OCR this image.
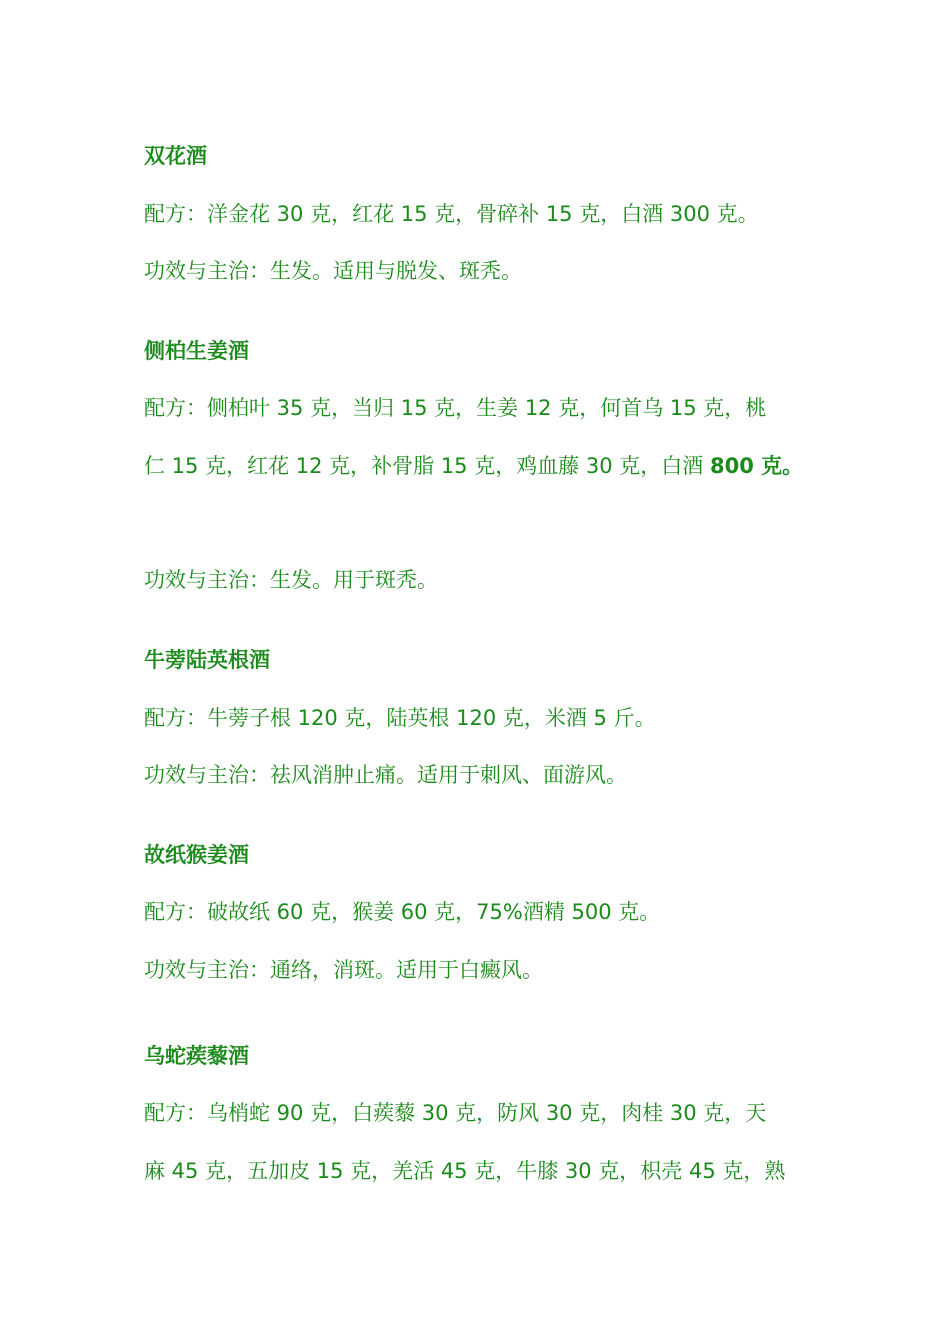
双花酒
配方：洋金花 30 克，红花 15 克，骨碎补 15 克，白酒 300 克。
功效与主治：生发。适用与脱发、斑秃。
侧柏生姜酒
配方：侧柏叶 35 克，当归 15 克，生姜 12 克，何首乌 15 克，桃
仁 15 克，红花 12 克，补骨脂 15 克，鸡血藤 30 克，白酒 800 克。
功效与主治：生发。用于斑秃。
牛蒡陆英根酒
配方：牛蒡子根 120 克，陆英根 120 克，米酒 5 斤。
功效与主治：祛风消肿止痛。适用于刺风、面游风。
故纸猴姜酒
配方：破故纸 60 克，猴姜 60 克，75%酒精 500 克。
功效与主治：通络，消斑。适用于白癜风。
乌蛇蒺藜酒
配方：乌梢蛇 90 克，白蒺藜 30 克，防风 30 克，肉桂 30 克，天
麻 45 克，五加皮 15 克，羌活 45 克，牛膝 30 克，枳壳 45 克，熟
